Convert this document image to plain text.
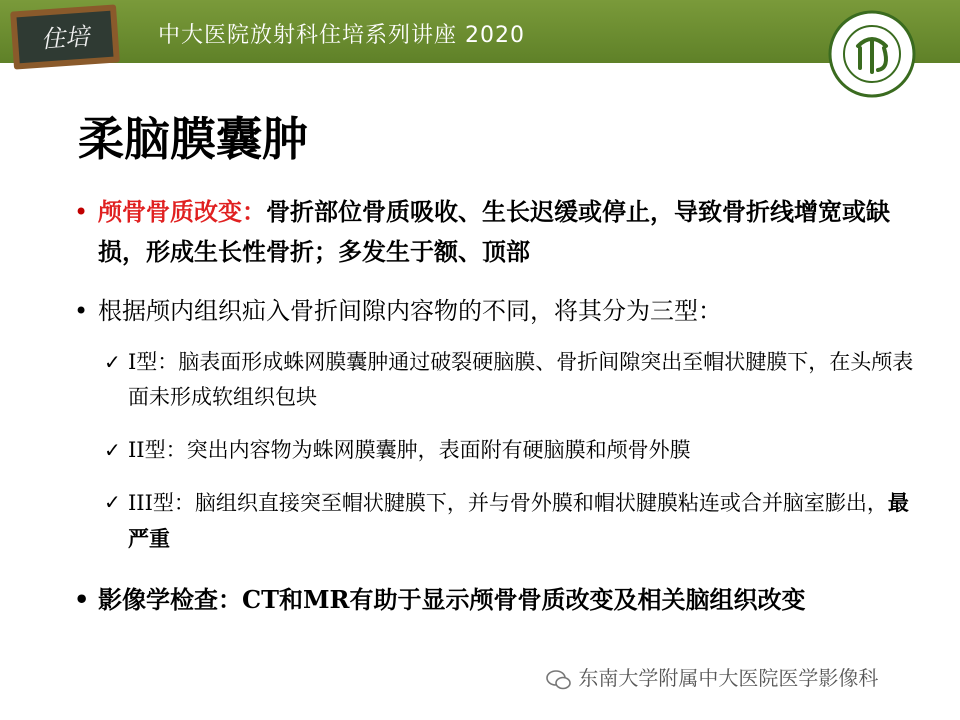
中大医院放射科住培系列讲座 2020
住培
柔脑膜囊肿
• 颅骨骨质改变：骨折部位骨质吸收、生长迟缓或停止，导致骨折线增宽或缺损，形成生长性骨折；多发生于额、顶部
• 根据颅内组织疝入骨折间隙内容物的不同，将其分为三型：
✓ I型：脑表面形成蛛网膜囊肿通过破裂硬脑膜、骨折间隙突出至帽状腱膜下，在头颅表面未形成软组织包块
✓ II型：突出内容物为蛛网膜囊肿，表面附有硬脑膜和颅骨外膜
✓ III型：脑组织直接突至帽状腱膜下，并与骨外膜和帽状腱膜粘连或合并脑室膨出，最严重
• 影像学检查：CT和MR有助于显示颅骨骨质改变及相关脑组织改变
东南大学附属中大医院医学影像科
